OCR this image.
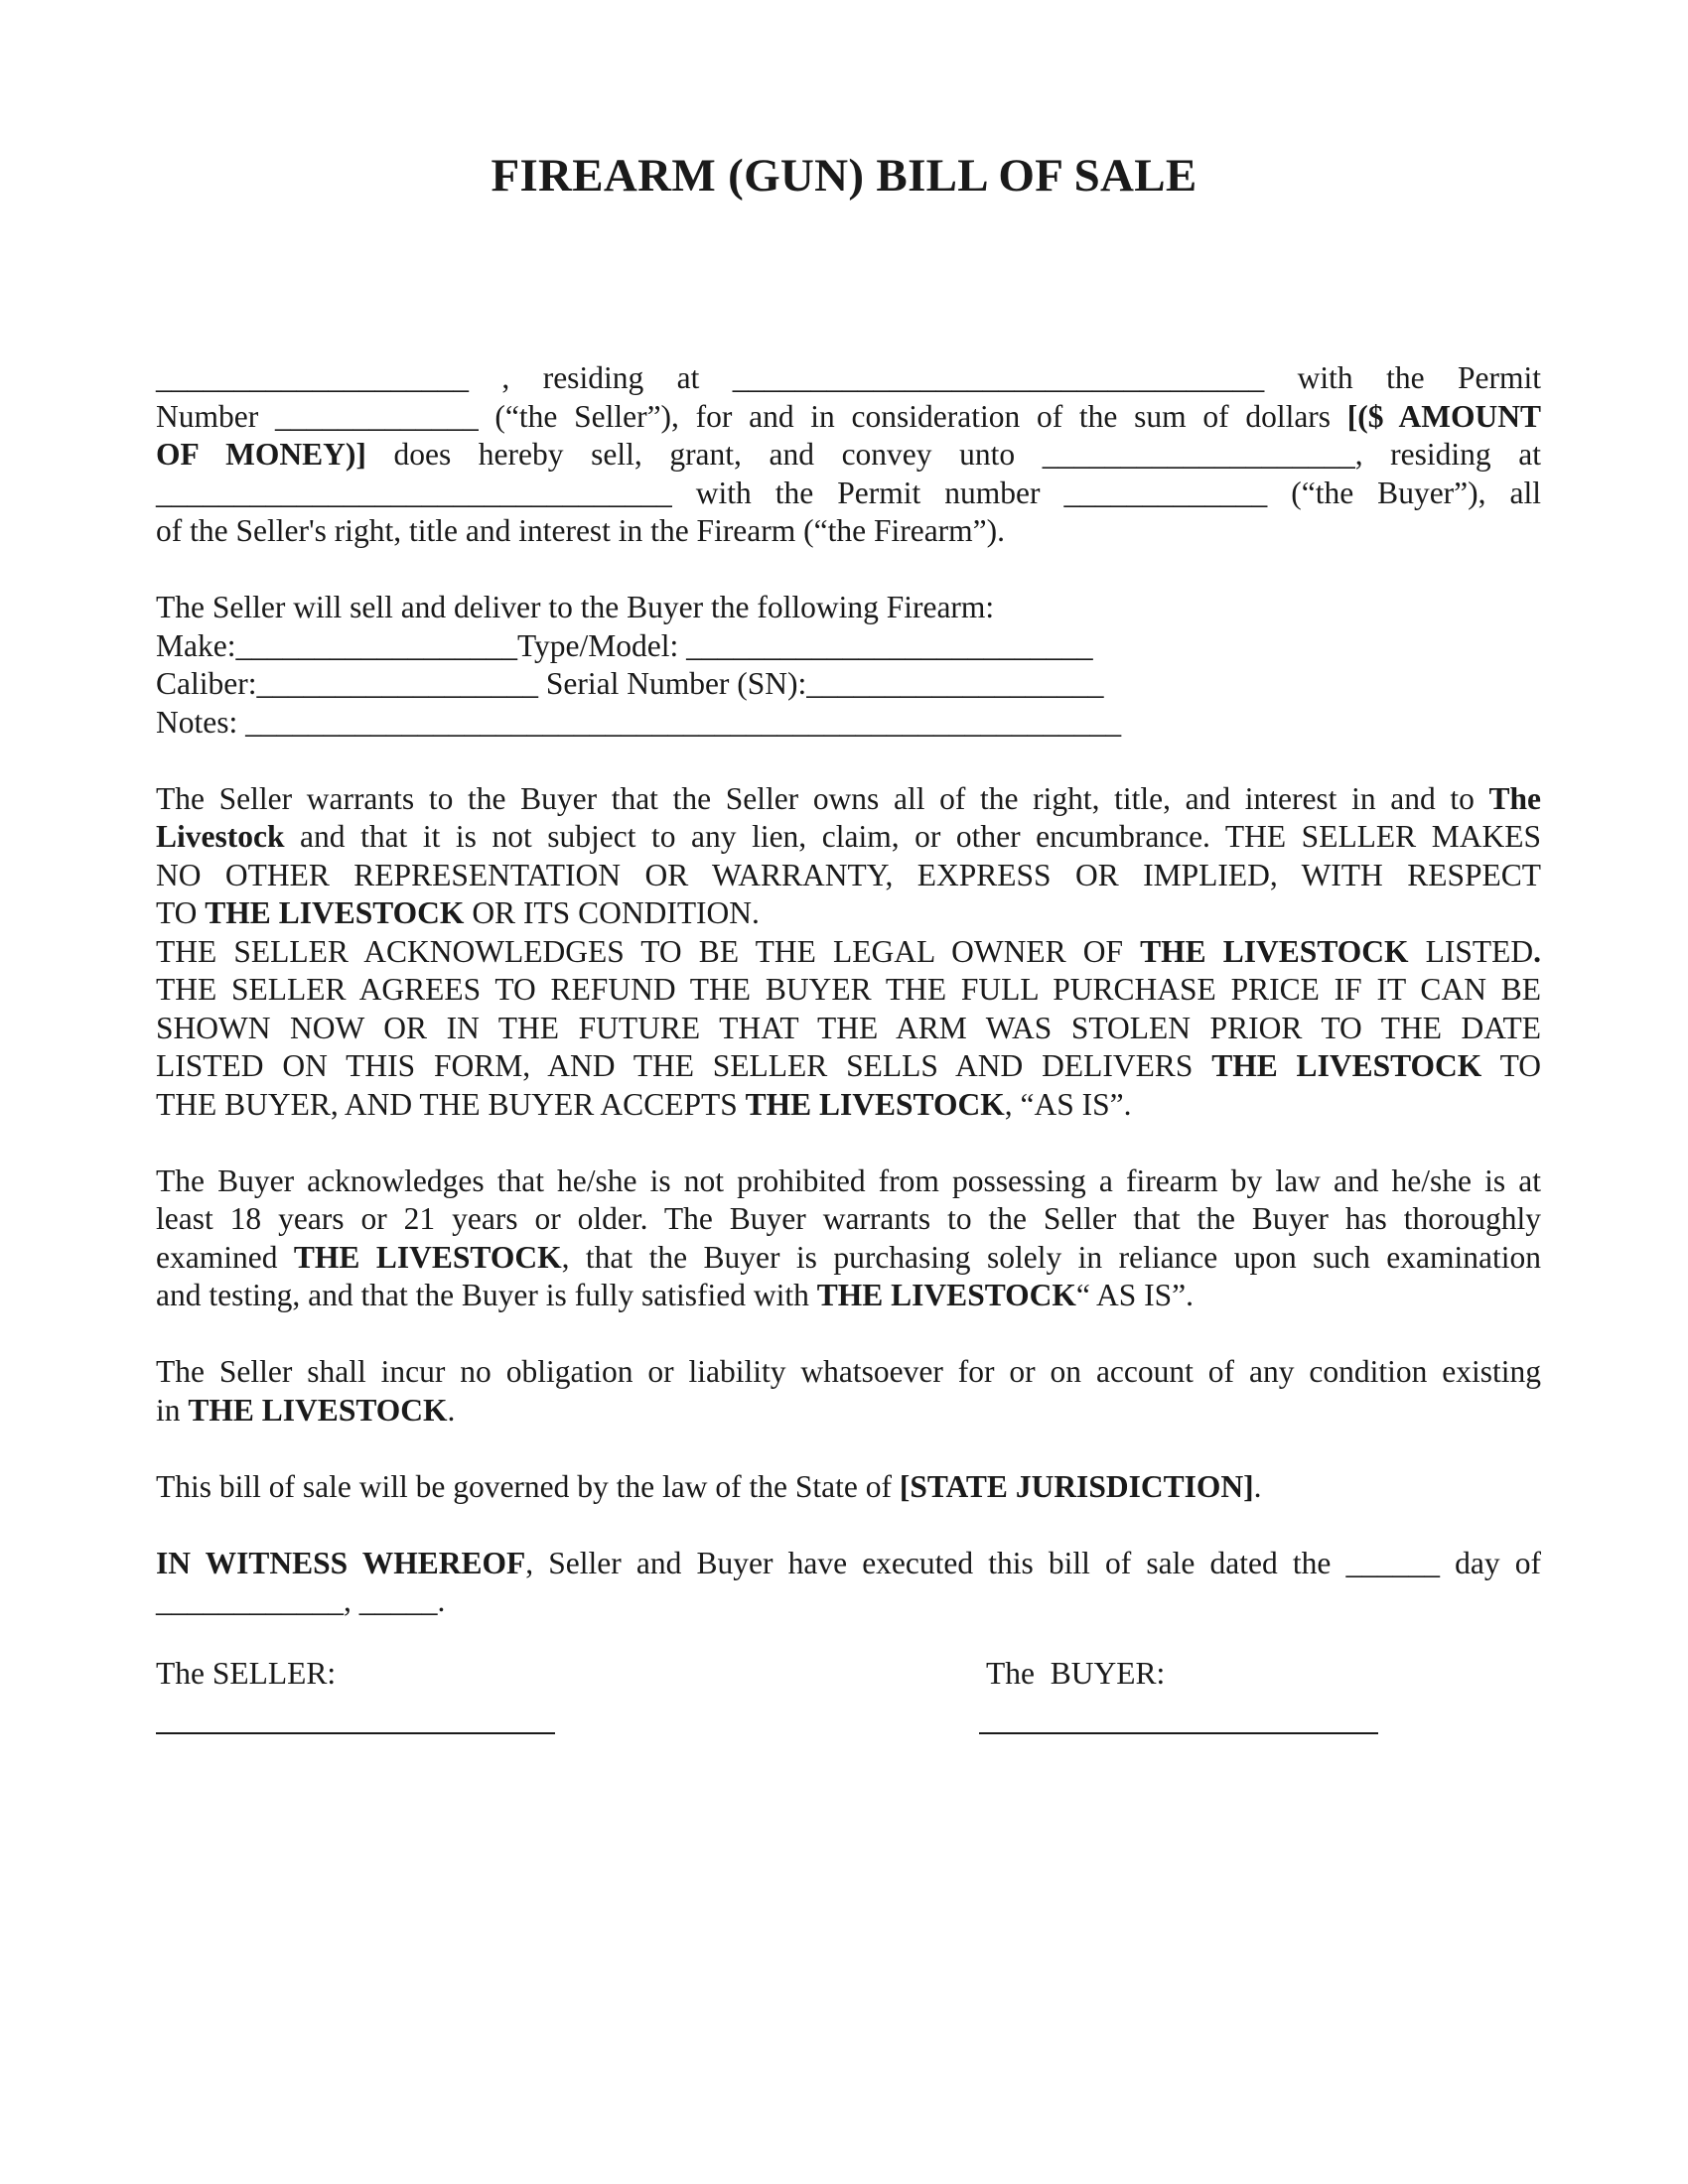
FIREARM (GUN) BILL OF SALE
____________________ , residing at __________________________________ with the Permit
Number _____________ (“the Seller”), for and in consideration of the sum of dollars [($ AMOUNT
OF MONEY)] does hereby sell, grant, and convey unto ____________________, residing at
_________________________________ with the Permit number _____________ (“the Buyer”), all
of the Seller's right, title and interest in the Firearm (“the Firearm”).
The Seller will sell and deliver to the Buyer the following Firearm:
Make:__________________Type/Model: __________________________
Caliber:__________________ Serial Number (SN):___________________
Notes: ________________________________________________________
The Seller warrants to the Buyer that the Seller owns all of the right, title, and interest in and to The
Livestock and that it is not subject to any lien, claim, or other encumbrance. THE SELLER MAKES
NO OTHER REPRESENTATION OR WARRANTY, EXPRESS OR IMPLIED, WITH RESPECT
TO THE LIVESTOCK OR ITS CONDITION.
THE SELLER ACKNOWLEDGES TO BE THE LEGAL OWNER OF THE LIVESTOCK LISTED.
THE SELLER AGREES TO REFUND THE BUYER THE FULL PURCHASE PRICE IF IT CAN BE
SHOWN NOW OR IN THE FUTURE THAT THE ARM WAS STOLEN PRIOR TO THE DATE
LISTED ON THIS FORM, AND THE SELLER SELLS AND DELIVERS THE LIVESTOCK TO
THE BUYER, AND THE BUYER ACCEPTS THE LIVESTOCK, “AS IS”.
The Buyer acknowledges that he/she is not prohibited from possessing a firearm by law and he/she is at
least 18 years or 21 years or older. The Buyer warrants to the Seller that the Buyer has thoroughly
examined THE LIVESTOCK, that the Buyer is purchasing solely in reliance upon such examination
and testing, and that the Buyer is fully satisfied with THE LIVESTOCK“ AS IS”.
The Seller shall incur no obligation or liability whatsoever for or on account of any condition existing
in THE LIVESTOCK.
This bill of sale will be governed by the law of the State of [STATE JURISDICTION].
IN WITNESS WHEREOF, Seller and Buyer have executed this bill of sale dated the ______ day of
____________, _____.
The SELLER:	The  BUYER:
